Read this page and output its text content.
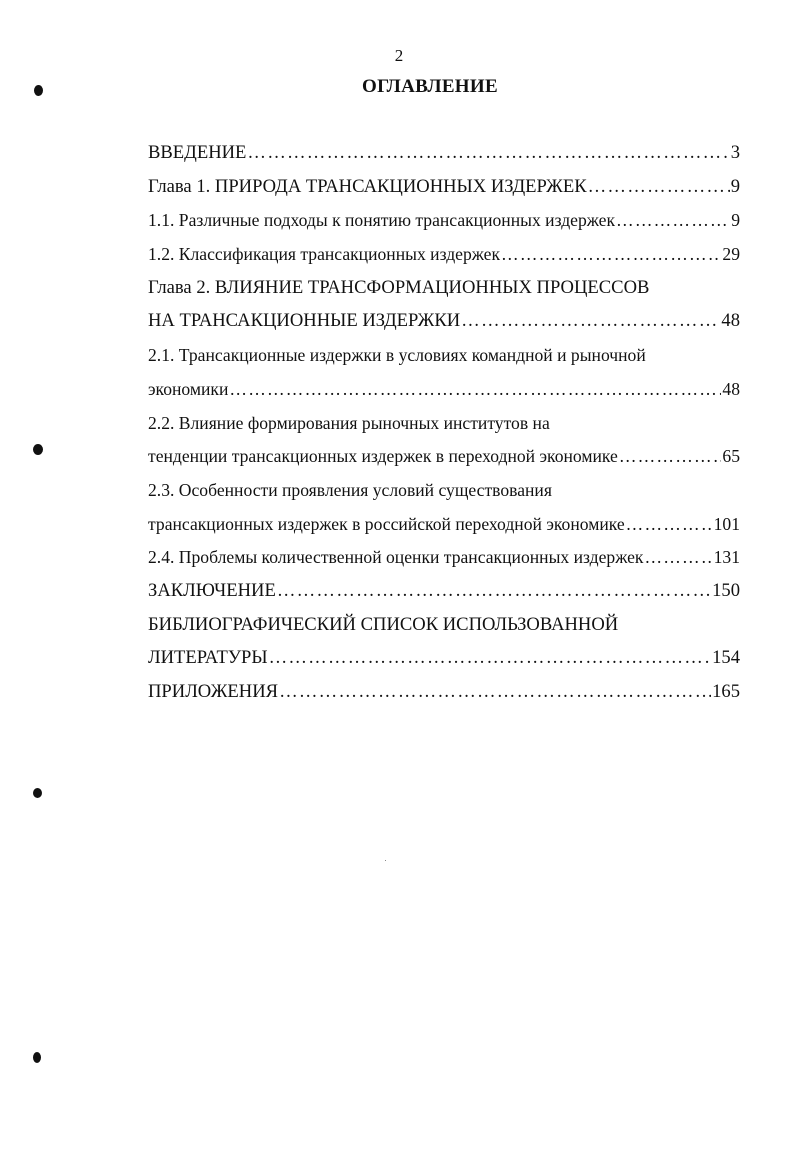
2
ОГЛАВЛЕНИЕ
ВВЕДЕНИЕ ……………………………………………………………………………………………………………………………………………	3
Глава 1. ПРИРОДА ТРАНСАКЦИОННЫХ ИЗДЕРЖЕК ……………………………………………………………………………………………………………………………………………	9
1.1. Различные подходы к понятию трансакционных издержек ……………………………………………………………………………………………………………………………………………	9
1.2. Классификация трансакционных издержек ……………………………………………………………………………………………………………………………………………	29
Глава 2. ВЛИЯНИЕ ТРАНСФОРМАЦИОННЫХ ПРОЦЕССОВ
НА ТРАНСАКЦИОННЫЕ ИЗДЕРЖКИ ……………………………………………………………………………………………………………………………………………	48
2.1. Трансакционные издержки в условиях командной и рыночной
экономики ……………………………………………………………………………………………………………………………………………	48
2.2. Влияние формирования рыночных институтов на
тенденции трансакционных издержек в переходной экономике ……………………………………………………………………………………………………………………………………………	65
2.3. Особенности проявления условий существования
трансакционных издержек в российской переходной экономике ……………………………………………………………………………………………………………………………………………	101
2.4. Проблемы количественной оценки трансакционных издержек ……………………………………………………………………………………………………………………………………………	131
ЗАКЛЮЧЕНИЕ ……………………………………………………………………………………………………………………………………………	150
БИБЛИОГРАФИЧЕСКИЙ СПИСОК ИСПОЛЬЗОВАННОЙ
ЛИТЕРАТУРЫ ……………………………………………………………………………………………………………………………………………	154
ПРИЛОЖЕНИЯ ……………………………………………………………………………………………………………………………………………	165
